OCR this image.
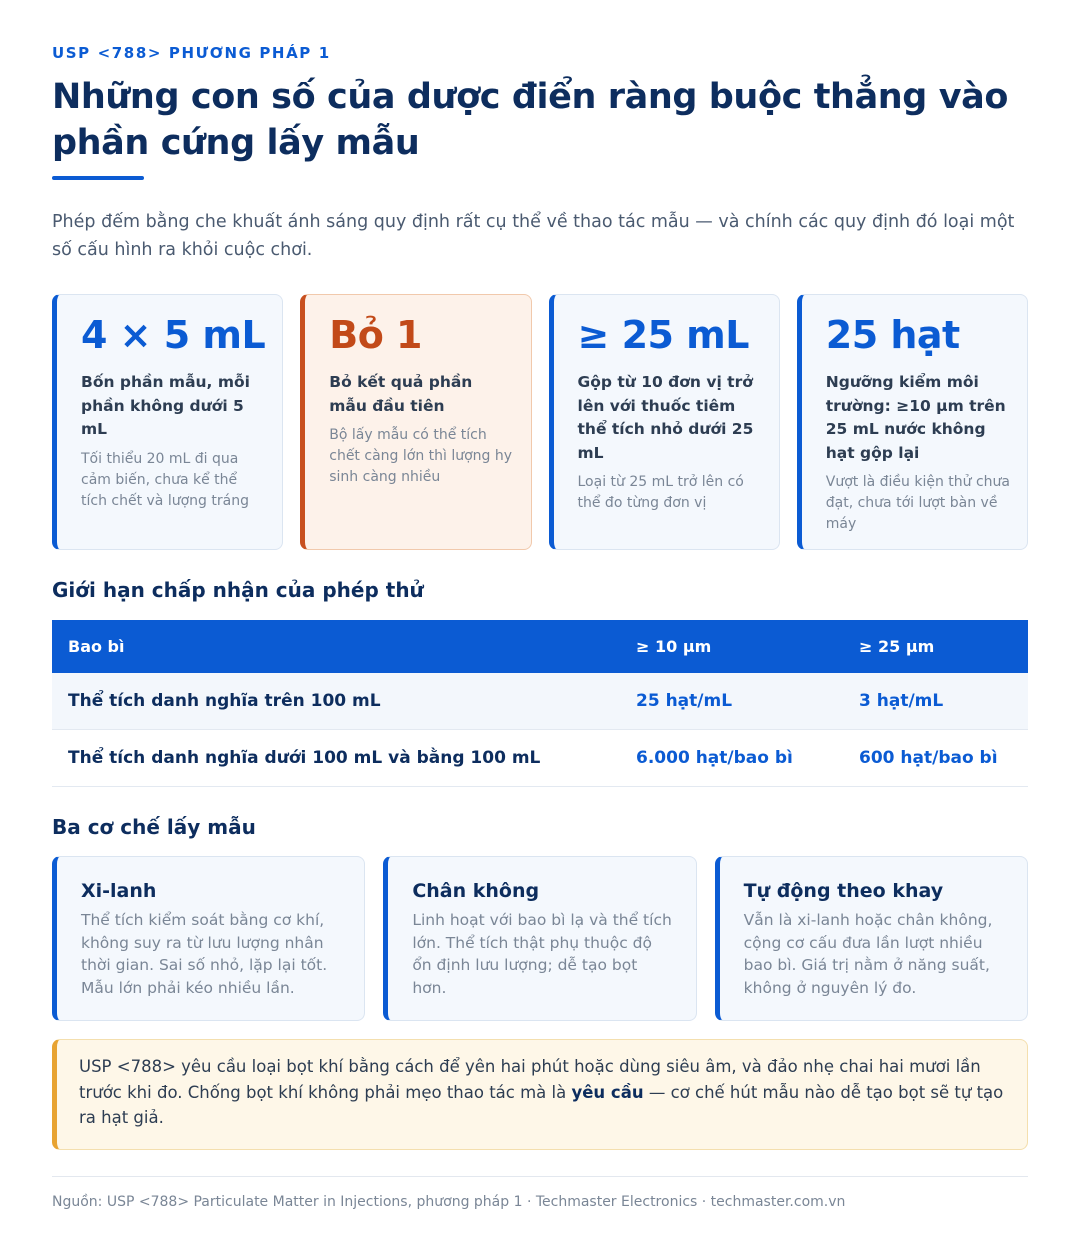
USP <788> PHƯƠNG PHÁP 1
Những con số của dược điển ràng buộc thẳng vào phần cứng lấy mẫu

Phép đếm bằng che khuất ánh sáng quy định rất cụ thể về thao tác mẫu — và chính các quy định đó loại một số cấu hình ra khỏi cuộc chơi.

4 × 5 mL
Bốn phần mẫu, mỗi phần không dưới 5 mL
Tối thiểu 20 mL đi qua cảm biến, chưa kể thể tích chết và lượng tráng
Bỏ 1
Bỏ kết quả phần mẫu đầu tiên
Bộ lấy mẫu có thể tích chết càng lớn thì lượng hy sinh càng nhiều
≥ 25 mL
Gộp từ 10 đơn vị trở lên với thuốc tiêm thể tích nhỏ dưới 25 mL
Loại từ 25 mL trở lên có thể đo từng đơn vị
25 hạt
Ngưỡng kiểm môi trường: ≥10 µm trên 25 mL nước không hạt gộp lại
Vượt là điều kiện thử chưa đạt, chưa tới lượt bàn về máy
Giới hạn chấp nhận của phép thử
Bao bì	≥ 10 µm	≥ 25 µm
Thể tích danh nghĩa trên 100 mL	25 hạt/mL	3 hạt/mL
Thể tích danh nghĩa dưới 100 mL và bằng 100 mL	6.000 hạt/bao bì	600 hạt/bao bì
Ba cơ chế lấy mẫu
Xi-lanh
Thể tích kiểm soát bằng cơ khí, không suy ra từ lưu lượng nhân thời gian. Sai số nhỏ, lặp lại tốt. Mẫu lớn phải kéo nhiều lần.
Chân không
Linh hoạt với bao bì lạ và thể tích lớn. Thể tích thật phụ thuộc độ ổn định lưu lượng; dễ tạo bọt hơn.
Tự động theo khay
Vẫn là xi-lanh hoặc chân không, cộng cơ cấu đưa lần lượt nhiều bao bì. Giá trị nằm ở năng suất, không ở nguyên lý đo.
USP <788> yêu cầu loại bọt khí bằng cách để yên hai phút hoặc dùng siêu âm, và đảo nhẹ chai hai mươi lần trước khi đo. Chống bọt khí không phải mẹo thao tác mà là yêu cầu — cơ chế hút mẫu nào dễ tạo bọt sẽ tự tạo ra hạt giả.
Nguồn: USP <788> Particulate Matter in Injections, phương pháp 1 · Techmaster Electronics · techmaster.com.vn
